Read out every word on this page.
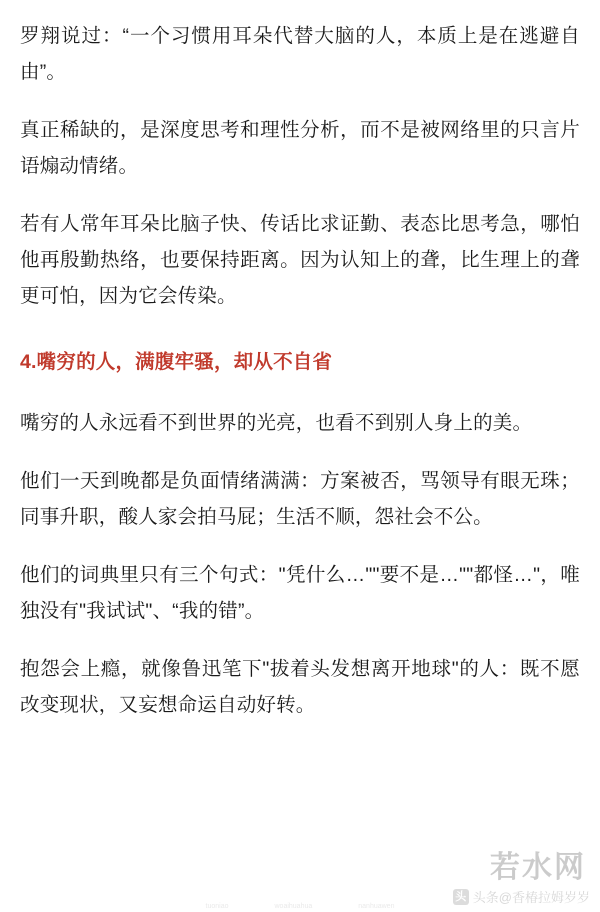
罗翔说过：“一个习惯用耳朵代替大脑的人，本质上是在逃避自由”。

真正稀缺的，是深度思考和理性分析，而不是被网络里的只言片语煽动情绪。

若有人常年耳朵比脑子快、传话比求证勤、表态比思考急，哪怕他再殷勤热络，也要保持距离。因为认知上的聋，比生理上的聋更可怕，因为它会传染。

4.嘴穷的人，满腹牢骚，却从不自省

嘴穷的人永远看不到世界的光亮，也看不到别人身上的美。

他们一天到晚都是负面情绪满满：方案被否，骂领导有眼无珠；同事升职，酸人家会拍马屁；生活不顺，怨社会不公。

他们的词典里只有三个句式："凭什么…""要不是…""都怪…"，唯独没有"我试试"、“我的错”。

抱怨会上瘾，就像鲁迅笔下"拔着头发想离开地球"的人：既不愿改变现状，又妄想命运自动好转。

若水网
头 头条@香椿拉姆岁岁
tuoniao	woaihuahua	nanhuawen
